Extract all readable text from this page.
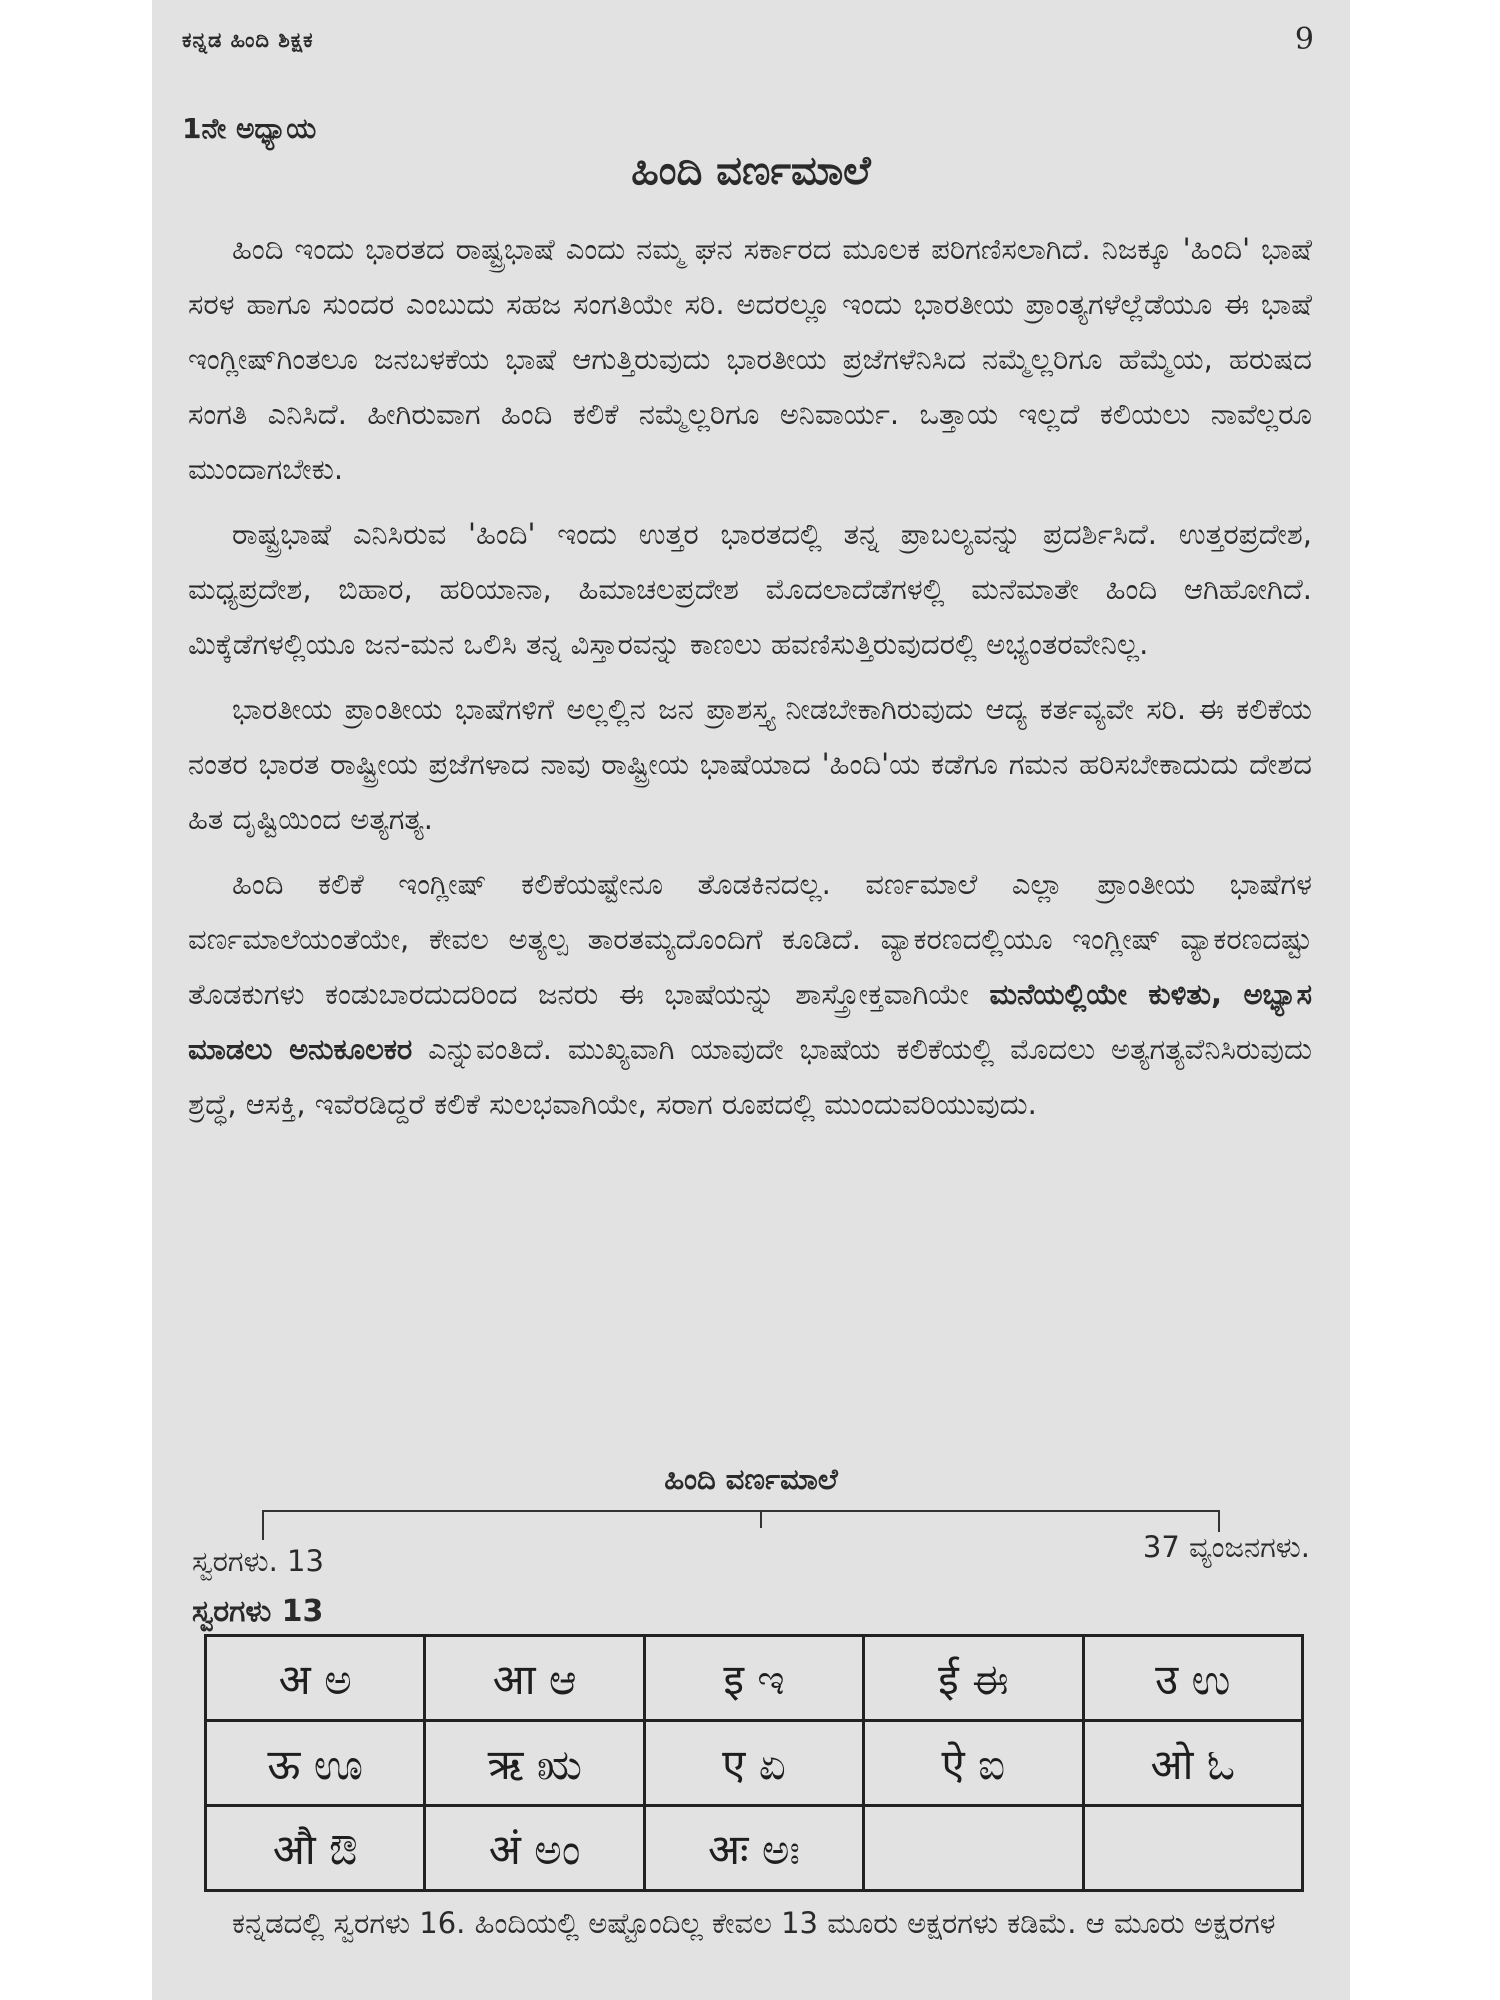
ಕನ್ನಡ ಹಿಂದಿ ಶಿಕ್ಷಕ	9
1ನೇ ಅಧ್ಯಾಯ
ಹಿಂದಿ ವರ್ಣಮಾಲೆ

ಹಿಂದಿ ಇಂದು ಭಾರತದ ರಾಷ್ಟ್ರಭಾಷೆ ಎಂದು ನಮ್ಮ ಘನ ಸರ್ಕಾರದ ಮೂಲಕ ಪರಿಗಣಿಸಲಾಗಿದೆ. ನಿಜಕ್ಕೂ 'ಹಿಂದಿ' ಭಾಷೆ ಸರಳ ಹಾಗೂ ಸುಂದರ ಎಂಬುದು ಸಹಜ ಸಂಗತಿಯೇ ಸರಿ. ಅದರಲ್ಲೂ ಇಂದು ಭಾರತೀಯ ಪ್ರಾಂತ್ಯಗಳೆಲ್ಲೆಡೆಯೂ ಈ ಭಾಷೆ ಇಂಗ್ಲೀಷ್‌ಗಿಂತಲೂ ಜನಬಳಕೆಯ ಭಾಷೆ ಆಗುತ್ತಿರುವುದು ಭಾರತೀಯ ಪ್ರಜೆಗಳೆನಿಸಿದ ನಮ್ಮೆಲ್ಲರಿಗೂ ಹೆಮ್ಮೆಯ, ಹರುಷದ ಸಂಗತಿ ಎನಿಸಿದೆ. ಹೀಗಿರುವಾಗ ಹಿಂದಿ ಕಲಿಕೆ ನಮ್ಮೆಲ್ಲರಿಗೂ ಅನಿವಾರ್ಯ. ಒತ್ತಾಯ ಇಲ್ಲದೆ ಕಲಿಯಲು ನಾವೆಲ್ಲರೂ ಮುಂದಾಗಬೇಕು.

ರಾಷ್ಟ್ರಭಾಷೆ ಎನಿಸಿರುವ 'ಹಿಂದಿ' ಇಂದು ಉತ್ತರ ಭಾರತದಲ್ಲಿ ತನ್ನ ಪ್ರಾಬಲ್ಯವನ್ನು ಪ್ರದರ್ಶಿಸಿದೆ. ಉತ್ತರಪ್ರದೇಶ, ಮಧ್ಯಪ್ರದೇಶ, ಬಿಹಾರ, ಹರಿಯಾನಾ, ಹಿಮಾಚಲಪ್ರದೇಶ ಮೊದಲಾದೆಡೆಗಳಲ್ಲಿ ಮನೆಮಾತೇ ಹಿಂದಿ ಆಗಿಹೋಗಿದೆ. ಮಿಕ್ಕೆಡೆಗಳಲ್ಲಿಯೂ ಜನ-ಮನ ಒಲಿಸಿ ತನ್ನ ವಿಸ್ತಾರವನ್ನು ಕಾಣಲು ಹವಣಿಸುತ್ತಿರುವುದರಲ್ಲಿ ಅಭ್ಯಂತರವೇನಿಲ್ಲ.

ಭಾರತೀಯ ಪ್ರಾಂತೀಯ ಭಾಷೆಗಳಿಗೆ ಅಲ್ಲಲ್ಲಿನ ಜನ ಪ್ರಾಶಸ್ತ್ಯ ನೀಡಬೇಕಾಗಿರುವುದು ಆದ್ಯ ಕರ್ತವ್ಯವೇ ಸರಿ. ಈ ಕಲಿಕೆಯ ನಂತರ ಭಾರತ ರಾಷ್ಟ್ರೀಯ ಪ್ರಜೆಗಳಾದ ನಾವು ರಾಷ್ಟ್ರೀಯ ಭಾಷೆಯಾದ 'ಹಿಂದಿ'ಯ ಕಡೆಗೂ ಗಮನ ಹರಿಸಬೇಕಾದುದು ದೇಶದ ಹಿತ ದೃಷ್ಟಿಯಿಂದ ಅತ್ಯಗತ್ಯ.

ಹಿಂದಿ ಕಲಿಕೆ ಇಂಗ್ಲೀಷ್ ಕಲಿಕೆಯಷ್ಟೇನೂ ತೊಡಕಿನದಲ್ಲ. ವರ್ಣಮಾಲೆ ಎಲ್ಲಾ ಪ್ರಾಂತೀಯ ಭಾಷೆಗಳ ವರ್ಣಮಾಲೆಯಂತೆಯೇ, ಕೇವಲ ಅತ್ಯಲ್ಪ ತಾರತಮ್ಯದೊಂದಿಗೆ ಕೂಡಿದೆ. ವ್ಯಾಕರಣದಲ್ಲಿಯೂ ಇಂಗ್ಲೀಷ್ ವ್ಯಾಕರಣದಷ್ಟು ತೊಡಕುಗಳು ಕಂಡುಬಾರದುದರಿಂದ ಜನರು ಈ ಭಾಷೆಯನ್ನು ಶಾಸ್ತ್ರೋಕ್ತವಾಗಿಯೇ ಮನೆಯಲ್ಲಿಯೇ ಕುಳಿತು, ಅಭ್ಯಾಸ ಮಾಡಲು ಅನುಕೂಲಕರ ಎನ್ನುವಂತಿದೆ. ಮುಖ್ಯವಾಗಿ ಯಾವುದೇ ಭಾಷೆಯ ಕಲಿಕೆಯಲ್ಲಿ ಮೊದಲು ಅತ್ಯಗತ್ಯವೆನಿಸಿರುವುದು ಶ್ರದ್ಧೆ, ಆಸಕ್ತಿ, ಇವೆರಡಿದ್ದರೆ ಕಲಿಕೆ ಸುಲಭವಾಗಿಯೇ, ಸರಾಗ ರೂಪದಲ್ಲಿ ಮುಂದುವರಿಯುವುದು.

ಹಿಂದಿ ವರ್ಣಮಾಲೆ
ಸ್ವರಗಳು. 13	37 ವ್ಯಂಜನಗಳು.
ಸ್ವರಗಳು 13
अ ಅ	आ ಆ	इ ಇ	ई ಈ	उ ಉ
ऊ ಊ	ऋ ಋ	ए ಏ	ऐ ಐ	ओ ಓ
औ ಔ	अं ಅಂ	अः ಅಃ		

ಕನ್ನಡದಲ್ಲಿ ಸ್ವರಗಳು 16. ಹಿಂದಿಯಲ್ಲಿ ಅಷ್ಟೊಂದಿಲ್ಲ ಕೇವಲ 13 ಮೂರು ಅಕ್ಷರಗಳು ಕಡಿಮೆ. ಆ ಮೂರು ಅಕ್ಷರಗಳ
